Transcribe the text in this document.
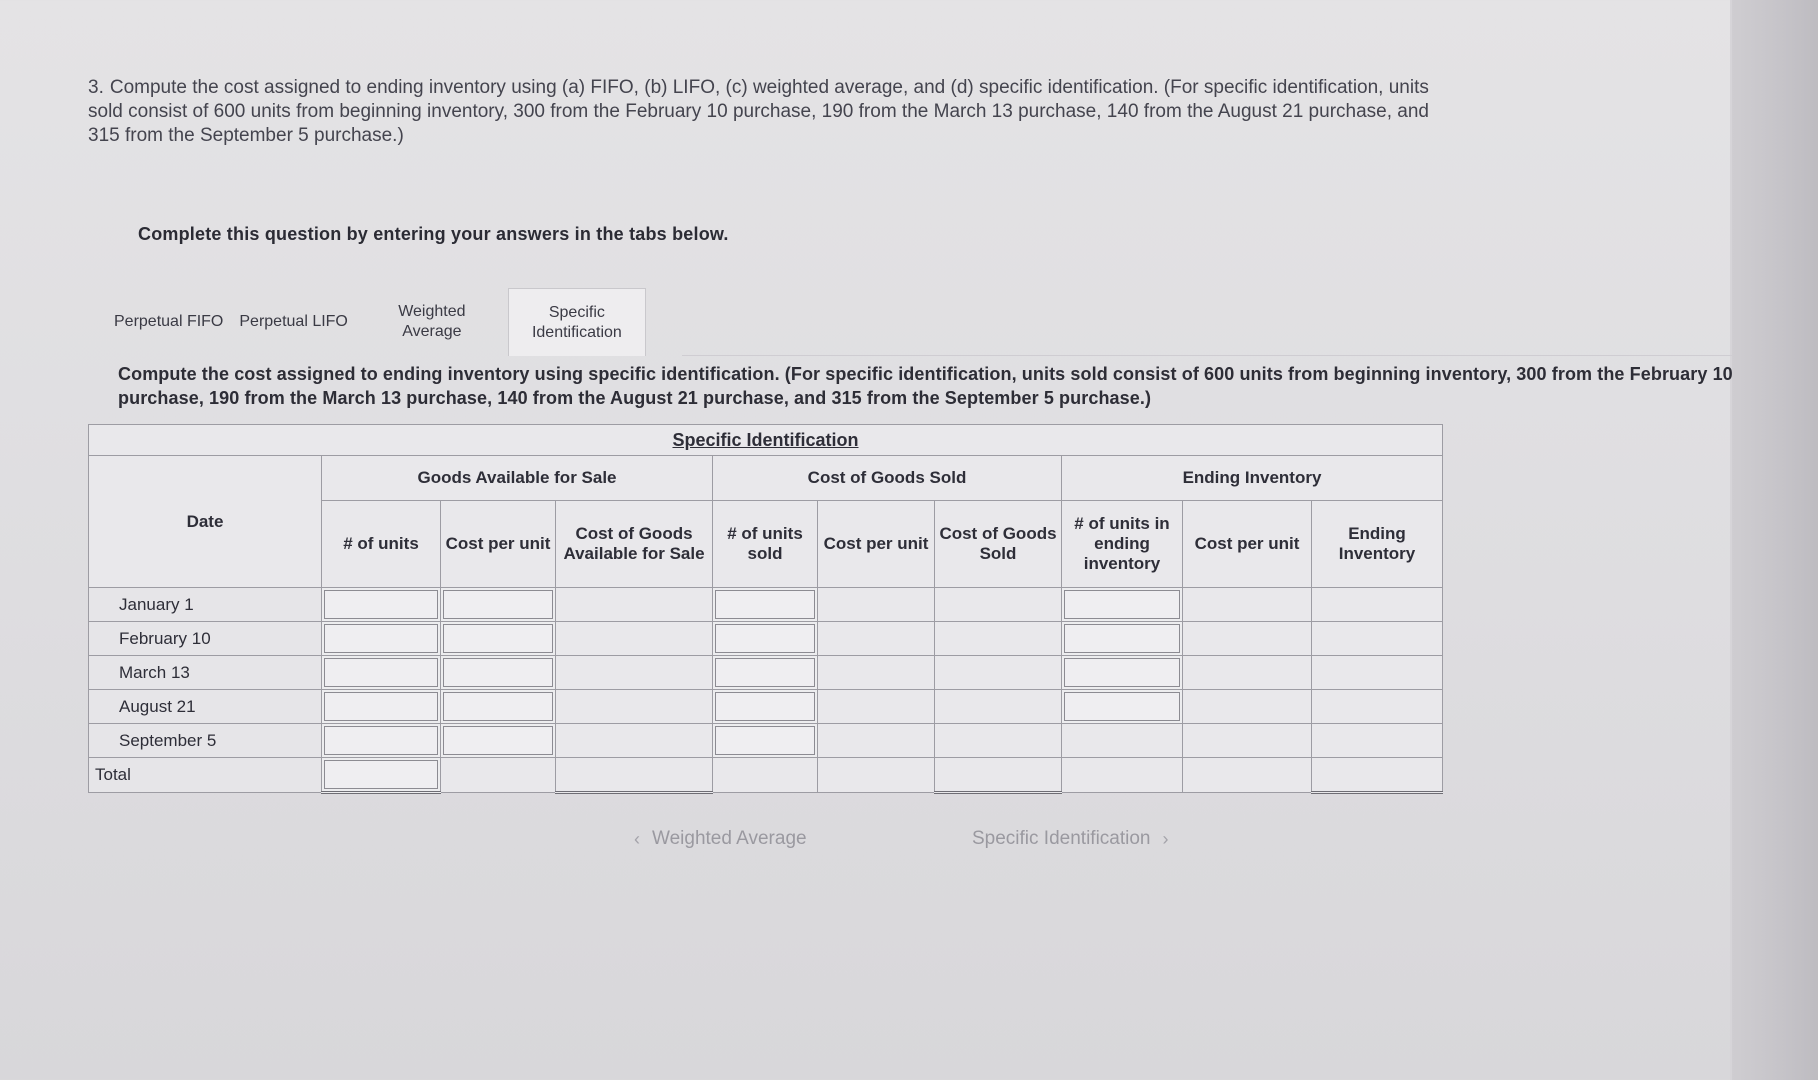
3. Compute the cost assigned to ending inventory using (a) FIFO, (b) LIFO, (c) weighted average, and (d) specific identification. (For specific identification, units sold consist of 600 units from beginning inventory, 300 from the February 10 purchase, 190 from the March 13 purchase, 140 from the August 21 purchase, and 315 from the September 5 purchase.)
Complete this question by entering your answers in the tabs below.
Perpetual FIFO	Perpetual LIFO
Weighted Average
Specific Identification
Compute the cost assigned to ending inventory using specific identification. (For specific identification, units sold consist of 600 units from beginning inventory, 300 from the February 10 purchase, 190 from the March 13 purchase, 140 from the August 21 purchase, and 315 from the September 5 purchase.)
Specific Identification									
Date	Goods Available for Sale			Cost of Goods Sold			Ending Inventory		
	# of units	Cost per unit	Cost of Goods Available for Sale	# of units sold	Cost per unit	Cost of Goods Sold	# of units in ending inventory	Cost per unit	Ending Inventory
January 1	

February 10	

March 13	

August 21	

September 5	

Total	

‹ Weighted Average	Specific Identification ›
